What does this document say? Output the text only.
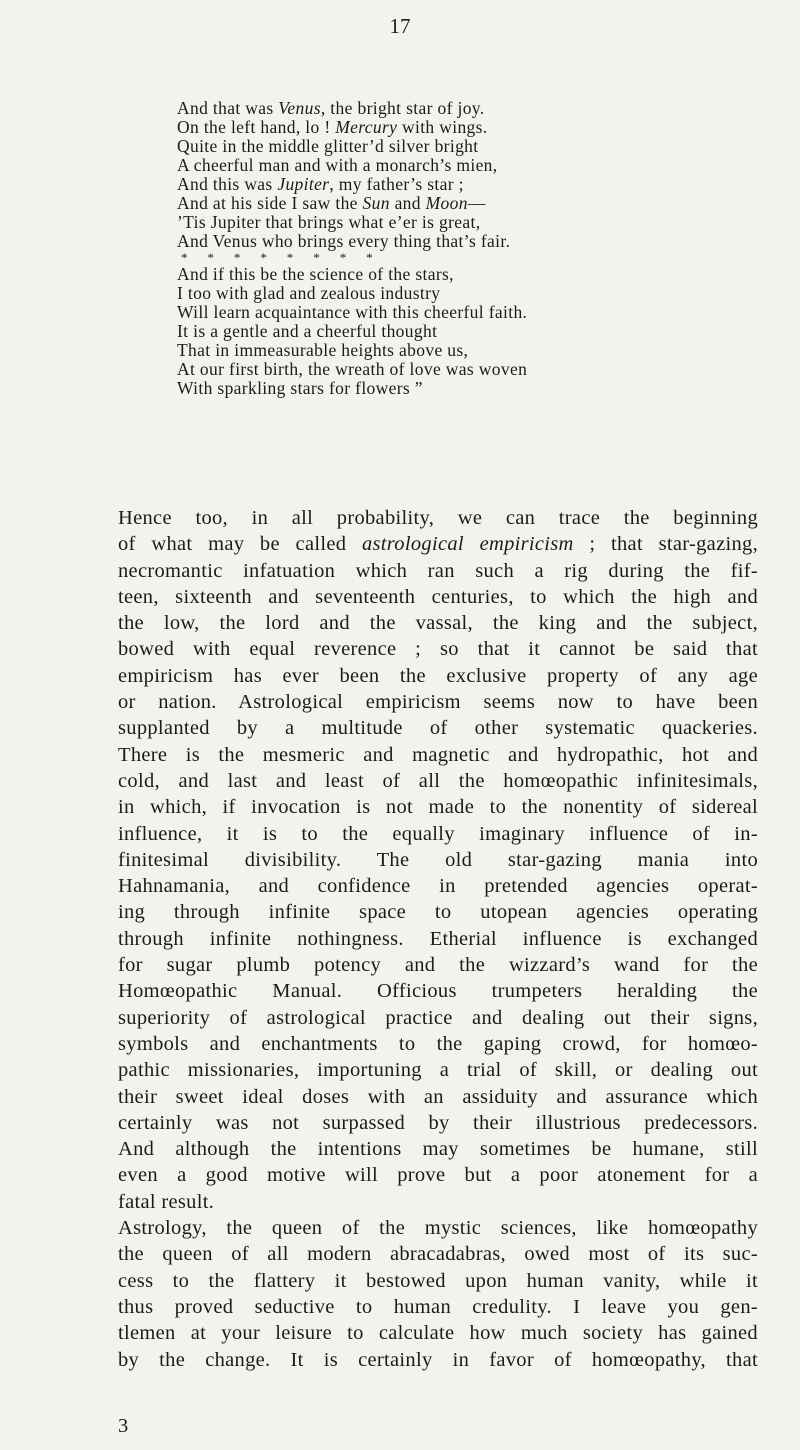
17
And that was Venus, the bright star of joy.
On the left hand, lo ! Mercury with wings.
Quite in the middle glitter’d silver bright
A cheerful man and with a monarch’s mien,
And this was Jupiter, my father’s star ;
And at his side I saw the Sun and Moon—
’Tis Jupiter that brings what e’er is great,
And Venus who brings every thing that’s fair.
* * * * * * * *
And if this be the science of the stars,
I too with glad and zealous industry
Will learn acquaintance with this cheerful faith.
It is a gentle and a cheerful thought
That in immeasurable heights above us,
At our first birth, the wreath of love was woven
With sparkling stars for flowers ”
Hence too, in all probability, we can trace the beginning
of what may be called astrological empiricism ; that star-gazing,
necromantic infatuation which ran such a rig during the fif-
teen, sixteenth and seventeenth centuries, to which the high and
the low, the lord and the vassal, the king and the subject,
bowed with equal reverence ; so that it cannot be said that
empiricism has ever been the exclusive property of any age
or nation. Astrological empiricism seems now to have been
supplanted by a multitude of other systematic quackeries.
There is the mesmeric and magnetic and hydropathic, hot and
cold, and last and least of all the homœopathic infinitesimals,
in which, if invocation is not made to the nonentity of sidereal
influence, it is to the equally imaginary influence of in-
finitesimal divisibility. The old star-gazing mania into
Hahnamania, and confidence in pretended agencies operat-
ing through infinite space to utopean agencies operating
through infinite nothingness. Etherial influence is exchanged
for sugar plumb potency and the wizzard’s wand for the
Homœopathic Manual. Officious trumpeters heralding the
superiority of astrological practice and dealing out their signs,
symbols and enchantments to the gaping crowd, for homœo-
pathic missionaries, importuning a trial of skill, or dealing out
their sweet ideal doses with an assiduity and assurance which
certainly was not surpassed by their illustrious predecessors.
And although the intentions may sometimes be humane, still
even a good motive will prove but a poor atonement for a
fatal result.
Astrology, the queen of the mystic sciences, like homœopathy
the queen of all modern abracadabras, owed most of its suc-
cess to the flattery it bestowed upon human vanity, while it
thus proved seductive to human credulity. I leave you gen-
tlemen at your leisure to calculate how much society has gained
by the change. It is certainly in favor of homœopathy, that
3
